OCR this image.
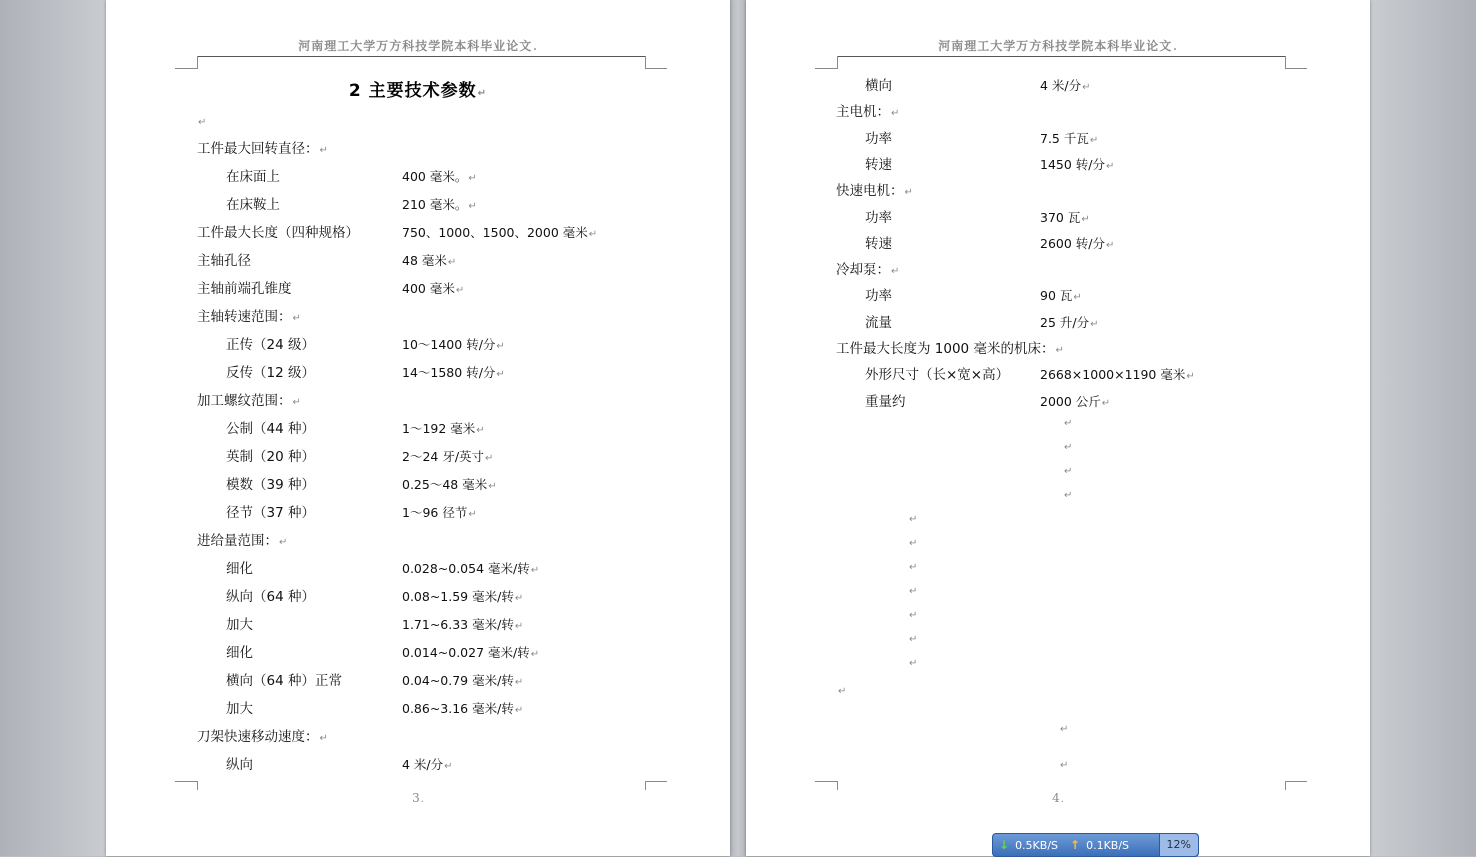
河南理工大学万方科技学院本科毕业论文.
2 主要技术参数↵
↵
工件最大回转直径：↵
在床面上	400 毫米。↵
在床鞍上	210 毫米。↵
工件最大长度（四种规格）	750、1000、1500、2000 毫米↵
主轴孔径	48 毫米↵
主轴前端孔锥度	400 毫米↵
主轴转速范围：↵
正传（24 级）	10～1400 转/分↵
反传（12 级）	14～1580 转/分↵
加工螺纹范围：↵
公制（44 种）	1～192 毫米↵
英制（20 种）	2～24 牙/英寸↵
模数（39 种）	0.25～48 毫米↵
径节（37 种）	1～96 径节↵
进给量范围：↵
细化	0.028~0.054 毫米/转↵
纵向（64 种）	0.08~1.59 毫米/转↵
加大	1.71~6.33 毫米/转↵
细化	0.014~0.027 毫米/转↵
横向（64 种）正常	0.04~0.79 毫米/转↵
加大	0.86~3.16 毫米/转↵
刀架快速移动速度：↵
纵向	4 米/分↵
3.
河南理工大学万方科技学院本科毕业论文.
横向	4 米/分↵
主电机：↵
功率	7.5 千瓦↵
转速	1450 转/分↵
快速电机：↵
功率	370 瓦↵
转速	2600 转/分↵
冷却泵：↵
功率	90 瓦↵
流量	25 升/分↵
工件最大长度为 1000 毫米的机床：↵
外形尺寸（长×宽×高） 2668×1000×1190 毫米↵
重量约	2000 公斤↵
↵
↵
↵
↵
↵
↵
↵
↵
↵
↵
↵
↵
↵
↵
4.
↓ 0.5KB/S ↑ 0.1KB/S	12%
